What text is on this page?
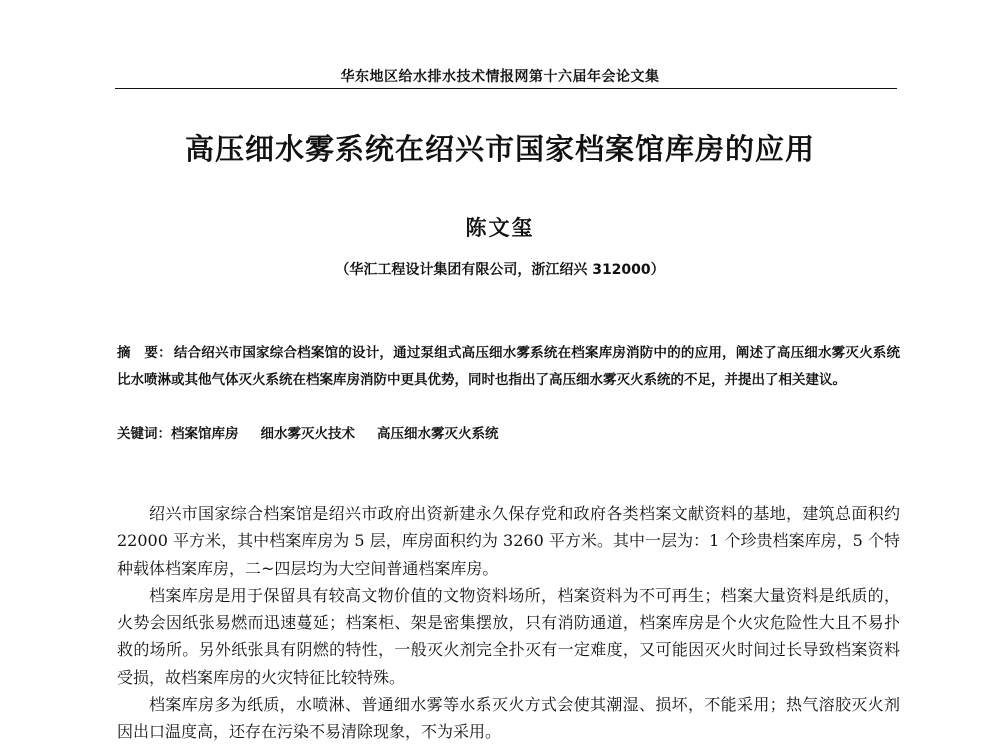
华东地区给水排水技术情报网第十六届年会论文集
高压细水雾系统在绍兴市国家档案馆库房的应用
陈文玺
（华汇工程设计集团有限公司，浙江绍兴 312000）
摘　要： 结合绍兴市国家综合档案馆的设计，通过泵组式高压细水雾系统在档案库房消防中的的应用，阐述了高压细水雾灭火系统比水喷淋或其他气体灭火系统在档案库房消防中更具优势，同时也指出了高压细水雾灭火系统的不足，并提出了相关建议。
关键词：档案馆库房 细水雾灭火技术 高压细水雾灭火系统

绍兴市国家综合档案馆是绍兴市政府出资新建永久保存党和政府各类档案文献资料的基地，建筑总面积约 22000 平方米，其中档案库房为 5 层，库房面积约为 3260 平方米。其中一层为：1 个珍贵档案库房，5 个特种载体档案库房，二~四层均为大空间普通档案库房。

档案库房是用于保留具有较高文物价值的文物资料场所，档案资料为不可再生；档案大量资料是纸质的，火势会因纸张易燃而迅速蔓延；档案柜、架是密集摆放，只有消防通道，档案库房是个火灾危险性大且不易扑救的场所。另外纸张具有阴燃的特性，一般灭火剂完全扑灭有一定难度，又可能因灭火时间过长导致档案资料受损，故档案库房的火灾特征比较特殊。

档案库房多为纸质，水喷淋、普通细水雾等水系灭火方式会使其潮湿、损坏，不能采用；热气溶胶灭火剂因出口温度高，还存在污染不易清除现象，不为采用。
